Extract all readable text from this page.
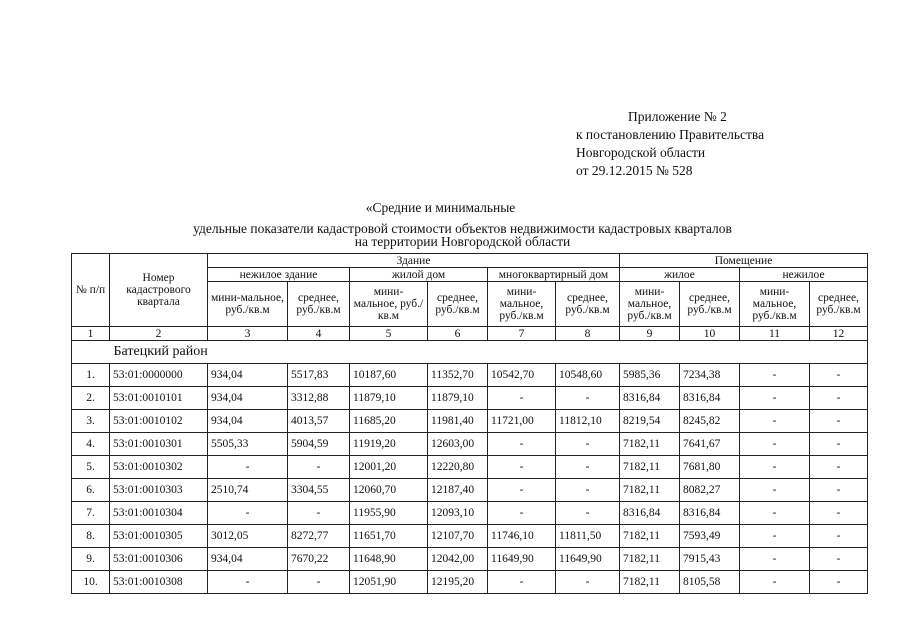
Приложение № 2
к постановлению Правительства
Новгородской области
от 29.12.2015 № 528
«Средние и минимальные
удельные показатели кадастровой стоимости объектов недвижимости кадастровых кварталов
на территории Новгородской области
№ п/п	Номер кадастрового квартала	Здание						Помещение			
		нежилое здание		жилой дом		многоквартирный дом		жилое		нежилое	
		мини-мальное, руб./кв.м	среднее, руб./кв.м	мини-мальное, руб./кв.м	среднее, руб./кв.м	мини-мальное, руб./кв.м	среднее, руб./кв.м	мини-мальное, руб./кв.м	среднее, руб./кв.м	мини-мальное, руб./кв.м	среднее, руб./кв.м
1	2	3	4	5	6	7	8	9	10	11	12
	Батецкий район										
1.	53:01:0000000	934,04	5517,83	10187,60	11352,70	10542,70	10548,60	5985,36	7234,38	-	-
2.	53:01:0010101	934,04	3312,88	11879,10	11879,10	-	-	8316,84	8316,84	-	-
3.	53:01:0010102	934,04	4013,57	11685,20	11981,40	11721,00	11812,10	8219,54	8245,82	-	-
4.	53:01:0010301	5505,33	5904,59	11919,20	12603,00	-	-	7182,11	7641,67	-	-
5.	53:01:0010302	-	-	12001,20	12220,80	-	-	7182,11	7681,80	-	-
6.	53:01:0010303	2510,74	3304,55	12060,70	12187,40	-	-	7182,11	8082,27	-	-
7.	53:01:0010304	-	-	11955,90	12093,10	-	-	8316,84	8316,84	-	-
8.	53:01:0010305	3012,05	8272,77	11651,70	12107,70	11746,10	11811,50	7182,11	7593,49	-	-
9.	53:01:0010306	934,04	7670,22	11648,90	12042,00	11649,90	11649,90	7182,11	7915,43	-	-
10.	53:01:0010308	-	-	12051,90	12195,20	-	-	7182,11	8105,58	-	-
